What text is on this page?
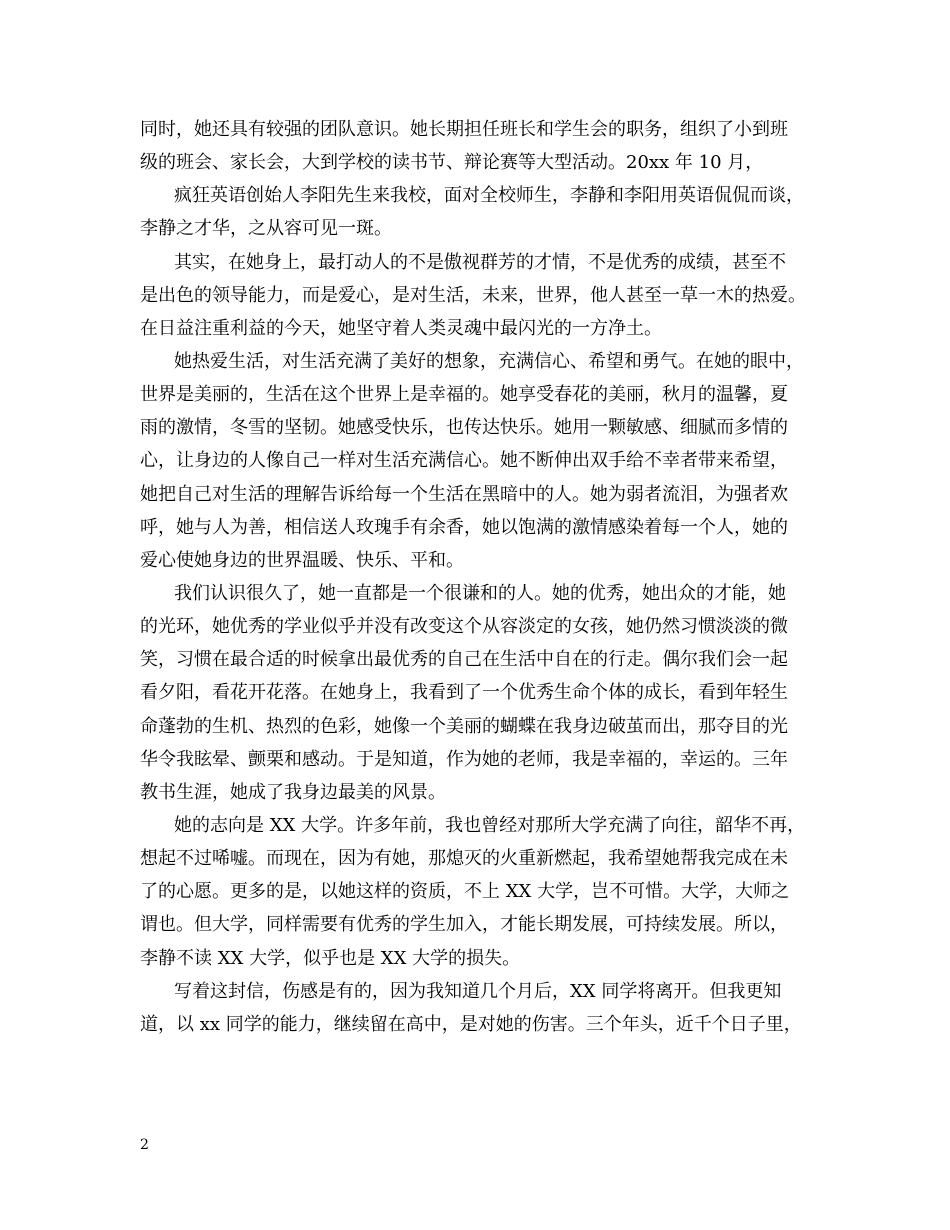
同时，她还具有较强的团队意识。她长期担任班长和学生会的职务，组织了小到班
级的班会、家长会，大到学校的读书节、辩论赛等大型活动。20xx 年 10 月，
疯狂英语创始人李阳先生来我校，面对全校师生，李静和李阳用英语侃侃而谈，
李静之才华，之从容可见一斑。
其实，在她身上，最打动人的不是傲视群芳的才情，不是优秀的成绩，甚至不
是出色的领导能力，而是爱心，是对生活，未来，世界，他人甚至一草一木的热爱。
在日益注重利益的今天，她坚守着人类灵魂中最闪光的一方净土。
她热爱生活，对生活充满了美好的想象，充满信心、希望和勇气。在她的眼中，
世界是美丽的，生活在这个世界上是幸福的。她享受春花的美丽，秋月的温馨，夏
雨的激情，冬雪的坚韧。她感受快乐，也传达快乐。她用一颗敏感、细腻而多情的
心，让身边的人像自己一样对生活充满信心。她不断伸出双手给不幸者带来希望，
她把自己对生活的理解告诉给每一个生活在黑暗中的人。她为弱者流泪，为强者欢
呼，她与人为善，相信送人玫瑰手有余香，她以饱满的激情感染着每一个人，她的
爱心使她身边的世界温暖、快乐、平和。
我们认识很久了，她一直都是一个很谦和的人。她的优秀，她出众的才能，她
的光环，她优秀的学业似乎并没有改变这个从容淡定的女孩，她仍然习惯淡淡的微
笑，习惯在最合适的时候拿出最优秀的自己在生活中自在的行走。偶尔我们会一起
看夕阳，看花开花落。在她身上，我看到了一个优秀生命个体的成长，看到年轻生
命蓬勃的生机、热烈的色彩，她像一个美丽的蝴蝶在我身边破茧而出，那夺目的光
华令我眩晕、颤栗和感动。于是知道，作为她的老师，我是幸福的，幸运的。三年
教书生涯，她成了我身边最美的风景。
她的志向是 XX 大学。许多年前，我也曾经对那所大学充满了向往，韶华不再，
想起不过唏嘘。而现在，因为有她，那熄灭的火重新燃起，我希望她帮我完成在未
了的心愿。更多的是，以她这样的资质，不上 XX 大学，岂不可惜。大学，大师之
谓也。但大学，同样需要有优秀的学生加入，才能长期发展，可持续发展。所以，
李静不读 XX 大学，似乎也是 XX 大学的损失。
写着这封信，伤感是有的，因为我知道几个月后，XX 同学将离开。但我更知
道，以 xx 同学的能力，继续留在高中，是对她的伤害。三个年头，近千个日子里，
2
